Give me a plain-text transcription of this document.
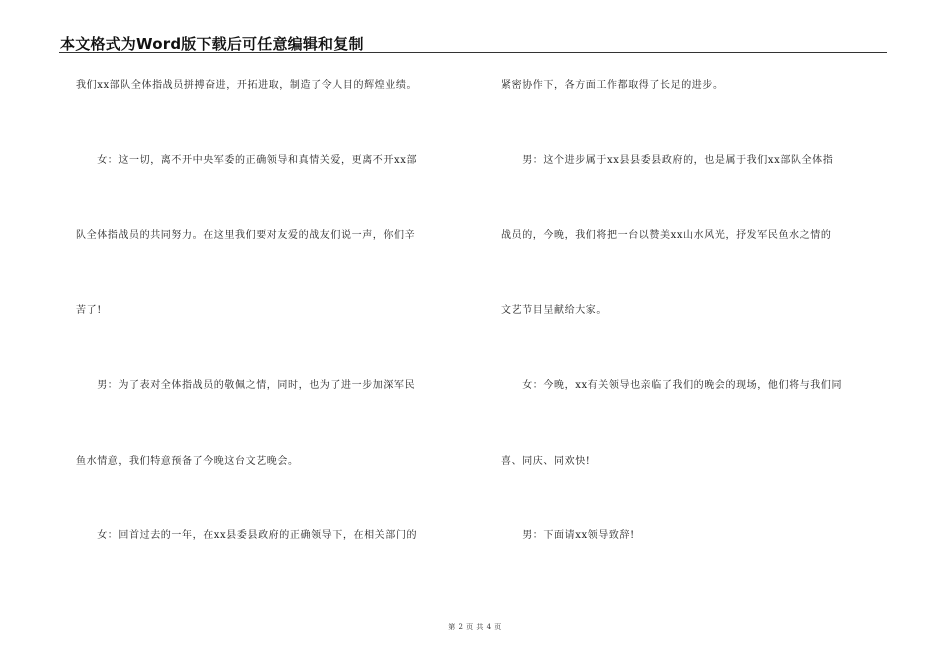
本文格式为Word版下载后可任意编辑和复制
我们xx部队全体指战员拼搏奋进，开拓进取，制造了令人目的辉煌业绩。
　　女：这一切，离不开中央军委的正确领导和真情关爱，更离不开xx部
队全体指战员的共同努力。在这里我们要对友爱的战友们说一声，你们辛
苦了!
　　男：为了表对全体指战员的敬佩之情，同时，也为了进一步加深军民
鱼水情意，我们特意预备了今晚这台文艺晚会。
　　女：回首过去的一年，在xx县委县政府的正确领导下，在相关部门的
紧密协作下，各方面工作都取得了长足的进步。
　　男：这个进步属于xx县县委县政府的，也是属于我们xx部队全体指
战员的，今晚，我们将把一台以赞美xx山水风光，抒发军民鱼水之情的
文艺节目呈献给大家。
　　女：今晚，xx有关领导也亲临了我们的晚会的现场，他们将与我们同
喜、同庆、同欢快!
　　男：下面请xx领导致辞!
第 2 页 共 4 页
